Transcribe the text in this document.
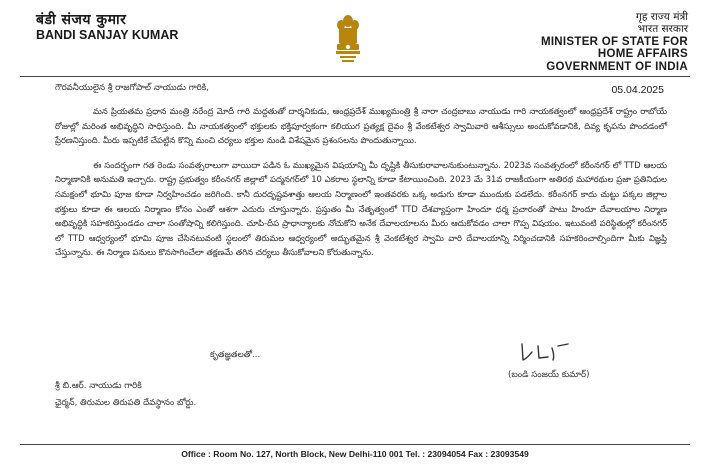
बंडी संजय कुमार
BANDI SANJAY KUMAR
गृह राज्य मंत्री
भारत सरकार
MINISTER OF STATE FOR
HOME AFFAIRS
GOVERNMENT OF INDIA
గౌరవనీయులైన శ్రీ రాజగోపాల్ నాయుడు గారికి,	05.04.2025

మన ప్రియతమ ప్రధాన మంత్రి నరేంద్ర మోదీ గారి మద్దతుతో దార్శనికుడు, ఆంధ్రప్రదేశ్ ముఖ్యమంత్రి శ్రీ నారా చంద్రబాబు నాయుడు గారి నాయకత్వంలో ఆంధ్రప్రదేశ్ రాష్ట్రం రాబోయే రోజుల్లో మరింత అభివృద్ధిని సాధిస్తుంది. మీ నాయకత్వంలో భక్తులకు భక్తిపూర్వకంగా కలియుగ ప్రత్యక్ష దైవం శ్రీ వేంకటేశ్వర స్వామివారి ఆశీస్సులు అందుకోవడానికి, దివ్య కృపను పొందడంలో ప్రేరణనిస్తుంది. మీరు ఇప్పటికే చేపట్టిన కొన్ని మంచి చర్యలు భక్తుల నుండి విశేషమైన ప్రశంసలను పొందుతున్నాయి.

ఈ సందర్భంగా గత రెండు సంవత్సరాలుగా వాయిదా పడిన ఓ ముఖ్యమైన విషయాన్ని మీ దృష్టికి తీసుకురావాలనుకుంటున్నాను. 2023వ సంవత్సరంలో కరీంనగర్ లో TTD ఆలయ నిర్మాణానికి అనుమతి ఇచ్చారు. రాష్ట్ర ప్రభుత్వం కరీంనగర్ జిల్లాలో పద్మనగర్‌లో 10 ఎకరాల స్థలాన్ని కూడా కేటాయించింది. 2023 మే 31వ రాజకీయంగా అతిరథ మహారథుల ప్రజా ప్రతినిధుల సమక్షంలో భూమి పూజ కూడా నిర్వహించడం జరిగింది. కానీ దురదృష్టవశాత్తు ఆలయ నిర్మాణంలో ఇంతవరకు ఒక్క అడుగు కూడా ముందుకు పడలేదు. కరీంనగర్ కాదు చుట్టు పక్కల జిల్లాల భక్తులు కూడా ఈ ఆలయ నిర్మాణం కోసం ఎంతో ఆశగా ఎదురు చూస్తున్నారు. ప్రస్తుతం మీ నేతృత్వంలో TTD దేశవ్యాప్తంగా హిందూ ధర్మ ప్రచారంతో పాటు హిందూ దేవాలయాల నిర్మాణ అభివృద్ధికి సహకరిస్తుండడం చాలా సంతోషాన్ని కలిగిస్తుంది. చూపి-దీప ప్రాధాన్యాలకు నోచుకోని అనేక దేవాలయాలను మీరు ఆదుకోవడం చాలా గొప్ప విషయం. ఇటువంటి పరిస్థితుల్లో కరీంనగర్ లో TTD ఆధ్వర్యంలో భూమి పూజ చేసినటువంటి స్థలంలో తిరుమల ఆధ్వర్యంలో అద్భుతమైన శ్రీ వెంకటేశ్వర స్వామి వారి దేవాలయాన్ని నిర్మించడానికి సహకరించాల్సిందిగా మీకు విజ్ఞప్తి చేస్తున్నాను. ఈ నిర్మాణ పనులు కొనసాగించేలా తక్షణమే తగిన చర్యలు తీసుకోవాలని కోరుతున్నాను.

కృతజ్ఞతలతో...
(బండి సంజయ్ కుమార్)
శ్రీ బి.ఆర్. నాయుడు గారికి
ఛైర్మన్, తిరుమల తిరుపతి దేవస్థానం బోర్డు.
Office : Room No. 127, North Block, New Delhi-110 001 Tel. : 23094054 Fax : 23093549
